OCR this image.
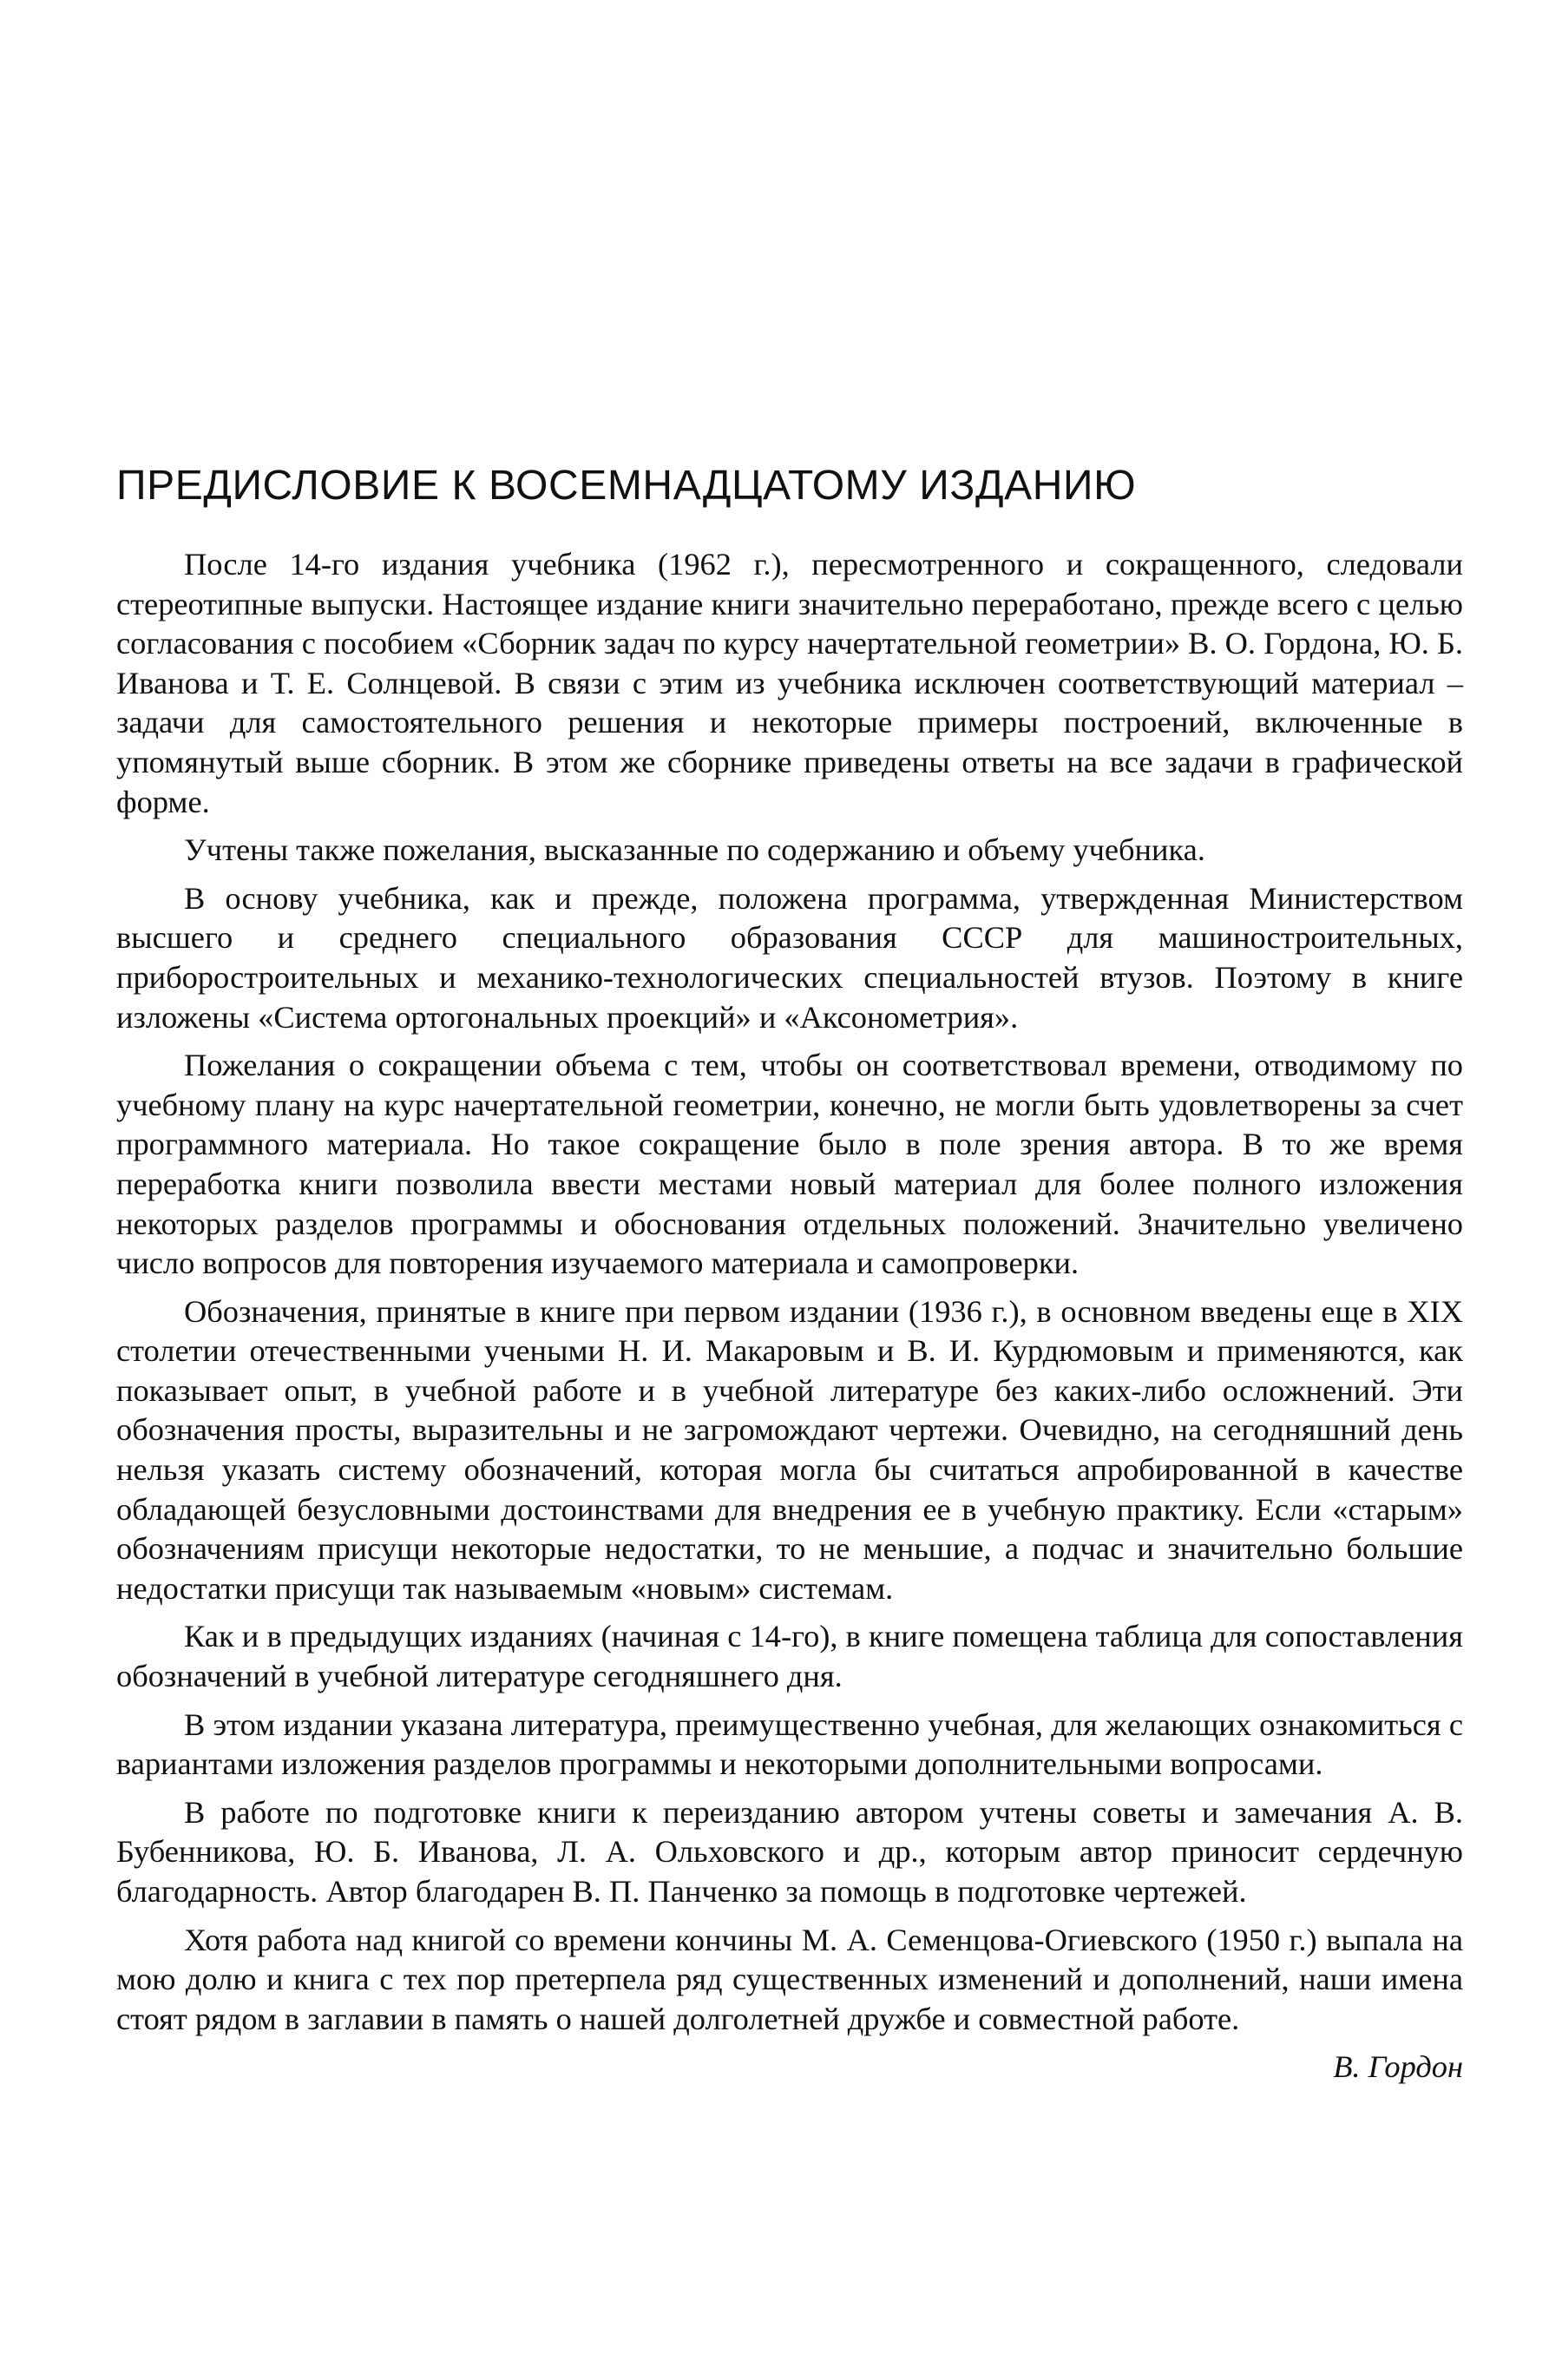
ПРЕДИСЛОВИЕ К ВОСЕМНАДЦАТОМУ ИЗДАНИЮ

После 14-го издания учебника (1962 г.), пересмотренного и сокращенного, следовали стереотипные выпуски. Настоящее издание книги значительно переработано, прежде всего с целью согласования с пособием «Сборник задач по курсу начертательной геометрии» В. О. Гордона, Ю. Б. Иванова и Т. Е. Солнцевой. В связи с этим из учебника исключен соответствующий материал – задачи для самостоятельного решения и некоторые примеры построений, включенные в упомянутый выше сборник. В этом же сборнике приведены ответы на все задачи в графической форме.

Учтены также пожелания, высказанные по содержанию и объему учебника.

В основу учебника, как и прежде, положена программа, утвержденная Министерством высшего и среднего специального образования СССР для машиностроительных, приборостроительных и механико-технологических специальностей втузов. Поэтому в книге изложены «Система ортогональных проекций» и «Аксонометрия».

Пожелания о сокращении объема с тем, чтобы он соответствовал времени, отводимому по учебному плану на курс начертательной геометрии, конечно, не могли быть удовлетворены за счет программного материала. Но такое сокращение было в поле зрения автора. В то же время переработка книги позволила ввести местами новый материал для более полного изложения некоторых разделов программы и обоснования отдельных положений. Значительно увеличено число вопросов для повторения изучаемого материала и самопроверки.

Обозначения, принятые в книге при первом издании (1936 г.), в основном введены еще в XIX столетии отечественными учеными Н. И. Макаровым и В. И. Курдюмовым и применяются, как показывает опыт, в учебной работе и в учебной литературе без каких-либо осложнений. Эти обозначения просты, выразительны и не загромождают чертежи. Очевидно, на сегодняшний день нельзя указать систему обозначений, которая могла бы считаться апробированной в качестве обладающей безусловными достоинствами для внедрения ее в учебную практику. Если «старым» обозначениям присущи некоторые недостатки, то не меньшие, а подчас и значительно большие недостатки присущи так называемым «новым» системам.

Как и в предыдущих изданиях (начиная с 14-го), в книге помещена таблица для сопоставления обозначений в учебной литературе сегодняшнего дня.

В этом издании указана литература, преимущественно учебная, для желающих ознакомиться с вариантами изложения разделов программы и некоторыми дополнительными вопросами.

В работе по подготовке книги к переизданию автором учтены советы и замечания А. В. Бубенникова, Ю. Б. Иванова, Л. А. Ольховского и др., которым автор приносит сердечную благодарность. Автор благодарен В. П. Панченко за помощь в подготовке чертежей.

Хотя работа над книгой со времени кончины М. А. Семенцова-Огиевского (1950 г.) выпала на мою долю и книга с тех пор претерпела ряд существенных изменений и дополнений, наши имена стоят рядом в заглавии в память о нашей долголетней дружбе и совместной работе.

В. Гордон
